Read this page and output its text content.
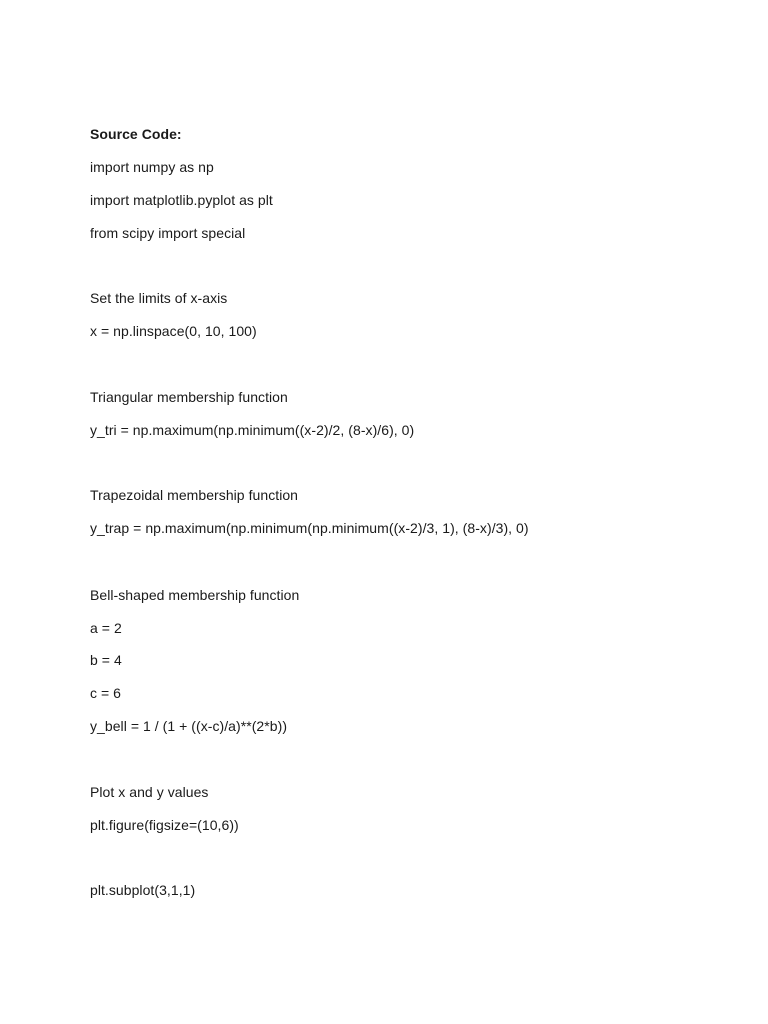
Source Code:
import numpy as np
import matplotlib.pyplot as plt
from scipy import special
Set the limits of x-axis
x = np.linspace(0, 10, 100)
Triangular membership function
y_tri = np.maximum(np.minimum((x-2)/2, (8-x)/6), 0)
Trapezoidal membership function
y_trap = np.maximum(np.minimum(np.minimum((x-2)/3, 1), (8-x)/3), 0)
Bell-shaped membership function
a = 2
b = 4
c = 6
y_bell = 1 / (1 + ((x-c)/a)**(2*b))
Plot x and y values
plt.figure(figsize=(10,6))
plt.subplot(3,1,1)
